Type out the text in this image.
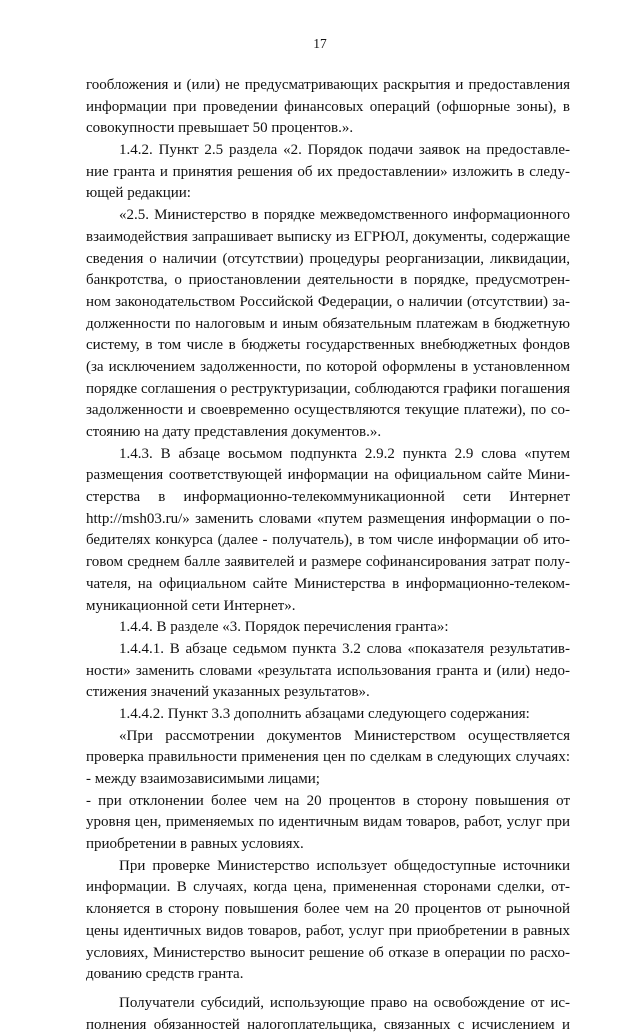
17
гообложения и (или) не предусматривающих раскрытия и предоставления
информации при проведении финансовых операций (офшорные зоны), в
совокупности превышает 50 процентов.».
1.4.2. Пункт 2.5 раздела «2. Порядок подачи заявок на предоставле-
ние гранта и принятия решения об их предоставлении» изложить в следу-
ющей редакции:
«2.5. Министерство в порядке межведомственного информационного
взаимодействия запрашивает выписку из ЕГРЮЛ, документы, содержащие
сведения о наличии (отсутствии) процедуры реорганизации, ликвидации,
банкротства, о приостановлении деятельности в порядке, предусмотрен-
ном законодательством Российской Федерации, о наличии (отсутствии) за-
долженности по налоговым и иным обязательным платежам в бюджетную
систему, в том числе в бюджеты государственных внебюджетных фондов
(за исключением задолженности, по которой оформлены в установленном
порядке соглашения о реструктуризации, соблюдаются графики погашения
задолженности и своевременно осуществляются текущие платежи), по со-
стоянию на дату представления документов.».
1.4.3. В абзаце восьмом подпункта 2.9.2 пункта 2.9 слова «путем
размещения соответствующей информации на официальном сайте Мини-
стерства в информационно-телекоммуникационной сети Интернет
http://msh03.ru/» заменить словами «путем размещения информации о по-
бедителях конкурса (далее - получатель), в том числе информации об ито-
говом среднем балле заявителей и размере софинансирования затрат полу-
чателя, на официальном сайте Министерства в информационно-телеком-
муникационной сети Интернет».
1.4.4. В разделе «3. Порядок перечисления гранта»:
1.4.4.1. В абзаце седьмом пункта 3.2 слова «показателя результатив-
ности» заменить словами «результата использования гранта и (или) недо-
стижения значений указанных результатов».
1.4.4.2. Пункт 3.3 дополнить абзацами следующего содержания:
«При рассмотрении документов Министерством осуществляется
проверка правильности применения цен по сделкам в следующих случаях:
- между взаимозависимыми лицами;
- при отклонении более чем на 20 процентов в сторону повышения от
уровня цен, применяемых по идентичным видам товаров, работ, услуг при
приобретении в равных условиях.
При проверке Министерство использует общедоступные источники
информации. В случаях, когда цена, примененная сторонами сделки, от-
клоняется в сторону повышения более чем на 20 процентов от рыночной
цены идентичных видов товаров, работ, услуг при приобретении в равных
условиях, Министерство выносит решение об отказе в операции по расхо-
дованию средств гранта.
Получатели субсидий, использующие право на освобождение от ис-
полнения обязанностей налогоплательщика, связанных с исчислением и
